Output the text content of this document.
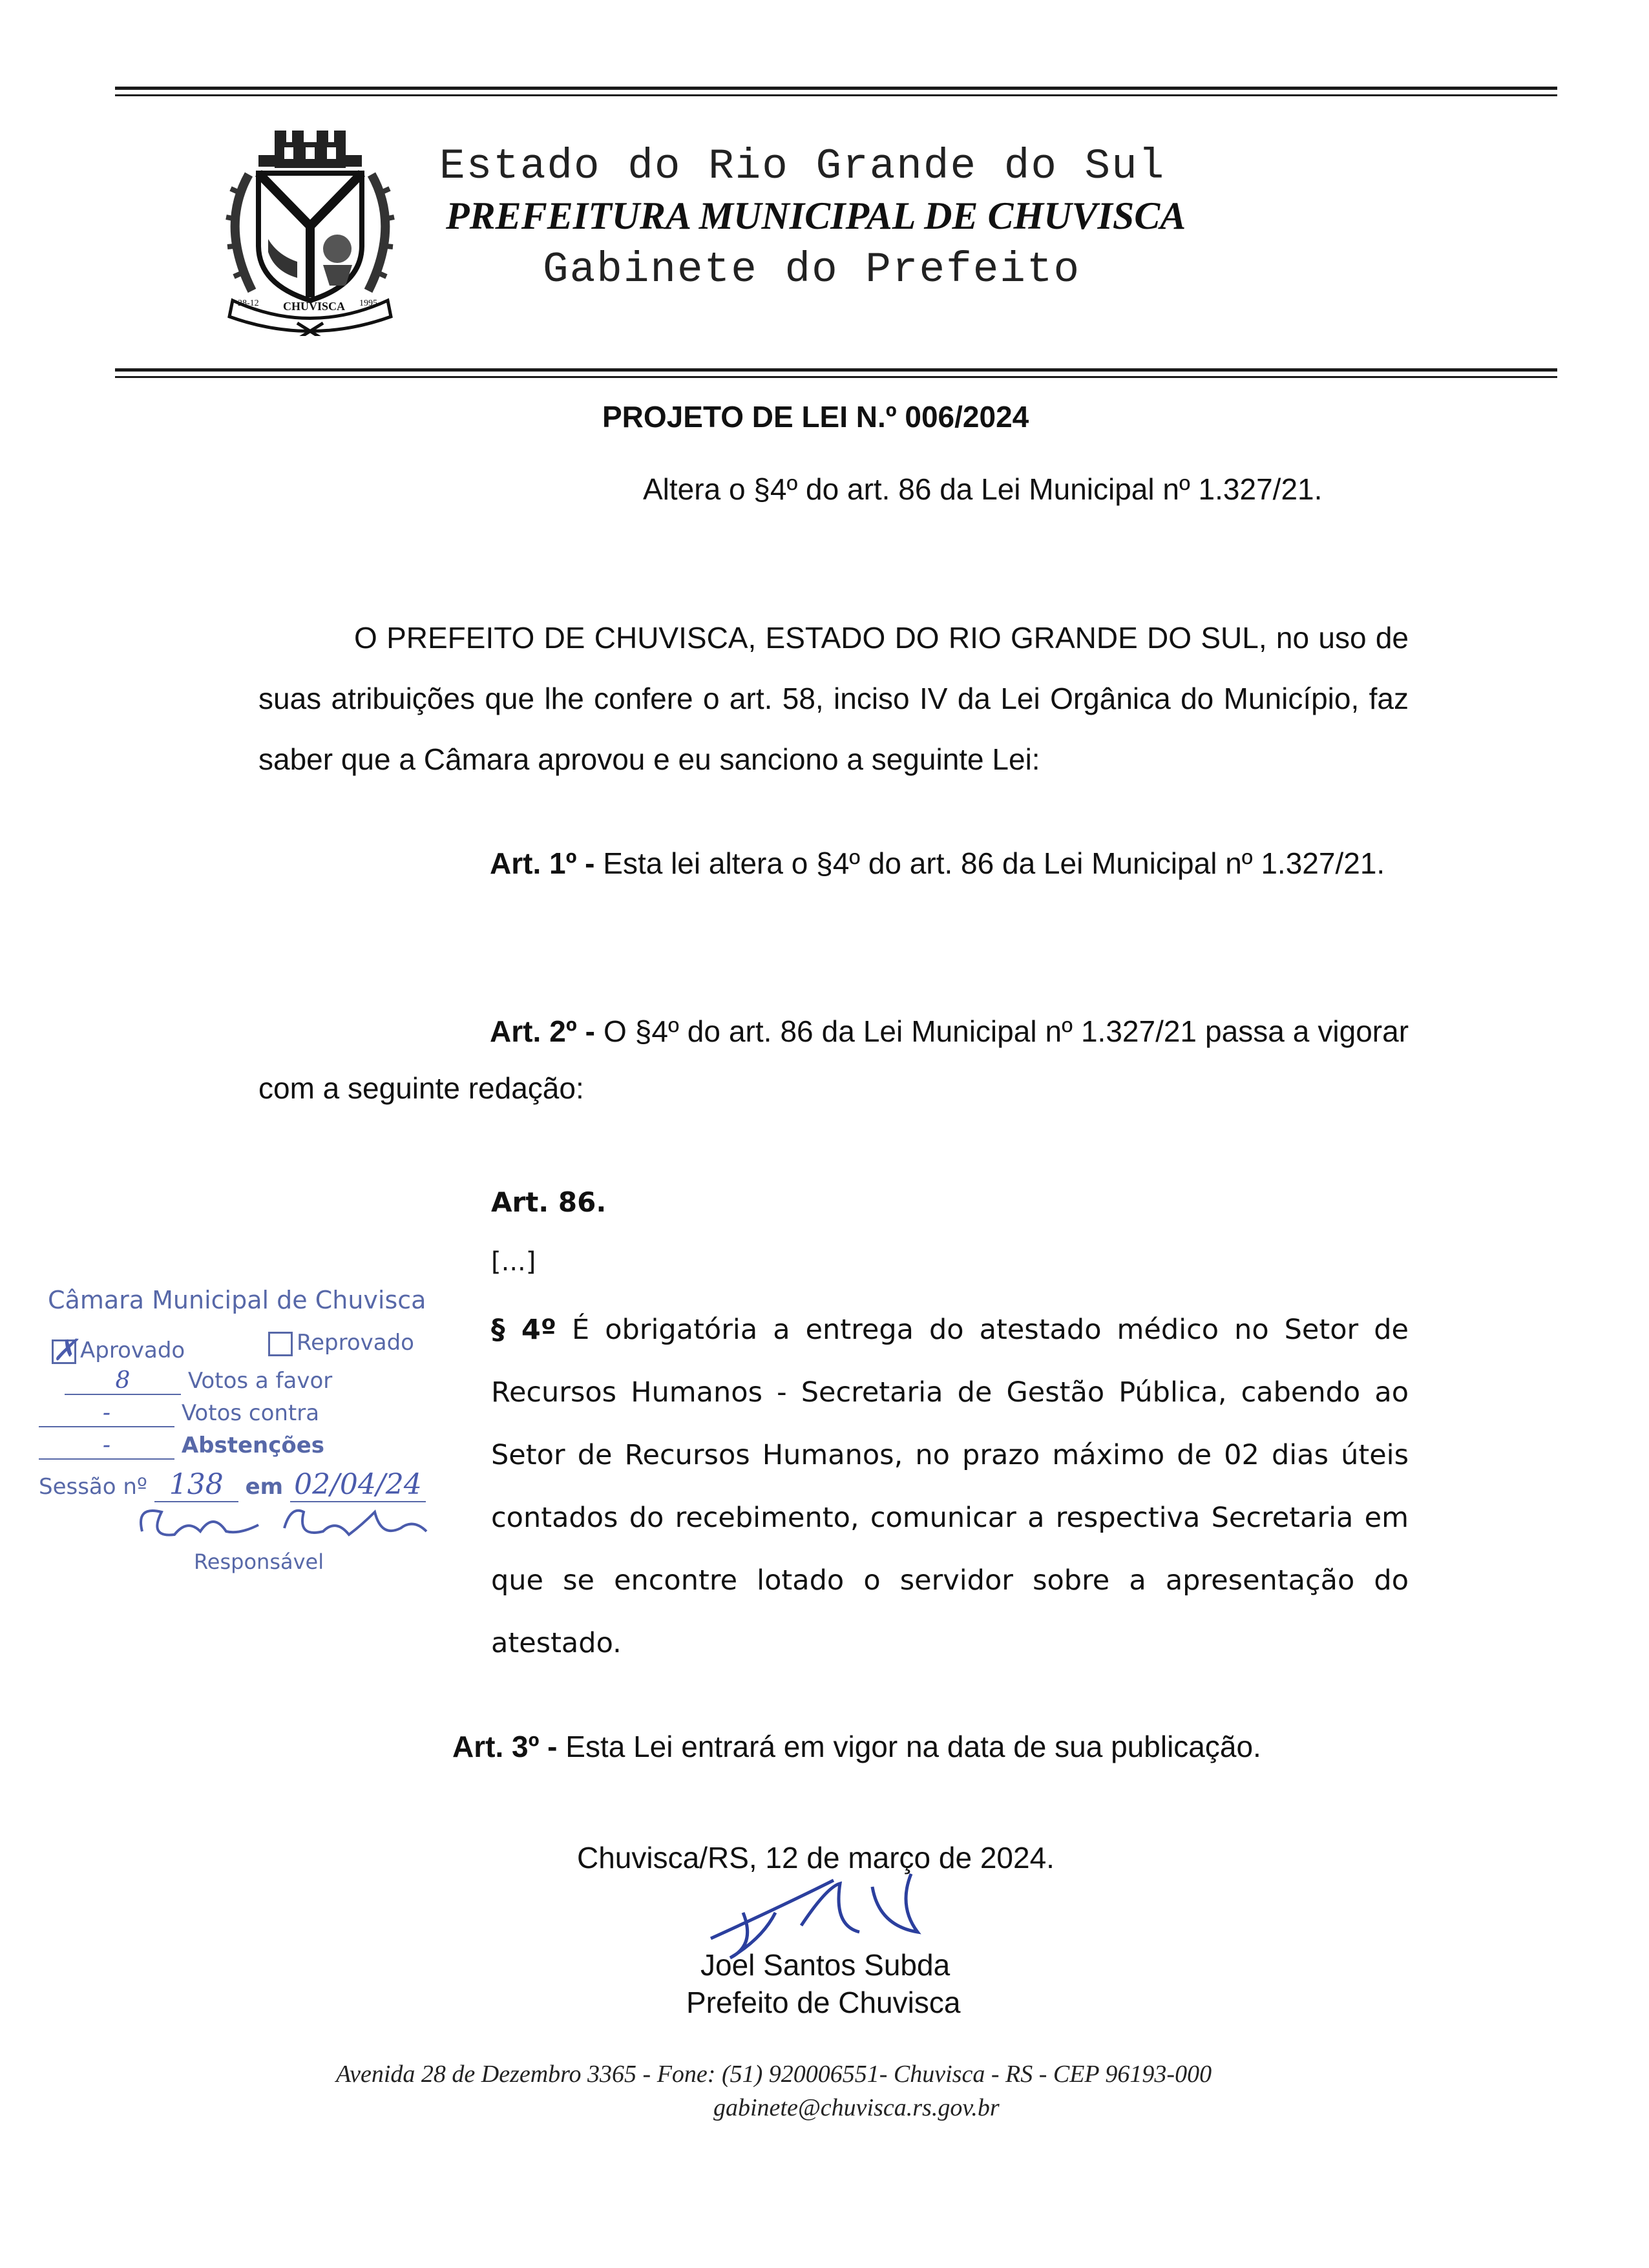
CHUVISCA
28-12	1995
Estado do Rio Grande do Sul
PREFEITURA MUNICIPAL DE CHUVISCA
Gabinete do Prefeito
PROJETO DE LEI N.º 006/2024
Altera o §4º do art. 86 da Lei Municipal nº 1.327/21.
O PREFEITO DE CHUVISCA, ESTADO DO RIO GRANDE DO SUL, no uso de suas atribuições que lhe confere o art. 58, inciso IV da Lei Orgânica do Município, faz saber que a Câmara aprovou e eu sanciono a seguinte Lei:
Art. 1º - Esta lei altera o §4º do art. 86 da Lei Municipal nº 1.327/21.
Art. 2º - O §4º do art. 86 da Lei Municipal nº 1.327/21 passa a vigorar com a seguinte redação:
Art. 86.
[...]
§ 4º É obrigatória a entrega do atestado médico no Setor de Recursos Humanos - Secretaria de Gestão Pública, cabendo ao Setor de Recursos Humanos, no prazo máximo de 02 dias úteis contados do recebimento, comunicar a respectiva Secretaria em que se encontre lotado o servidor sobre a apresentação do atestado.
Art. 3º - Esta Lei entrará em vigor na data de sua publicação.
Chuvisca/RS, 12 de março de 2024.
Joel Santos Subda
Prefeito de Chuvisca
Câmara Municipal de Chuvisca
✗ Aprovado	Reprovado
8	Votos a favor
-	Votos contra
-	Abstenções
Sessão nº 138 em 02/04/24
Responsável
Avenida 28 de Dezembro 3365 - Fone: (51) 920006551- Chuvisca - RS - CEP 96193-000
gabinete@chuvisca.rs.gov.br
